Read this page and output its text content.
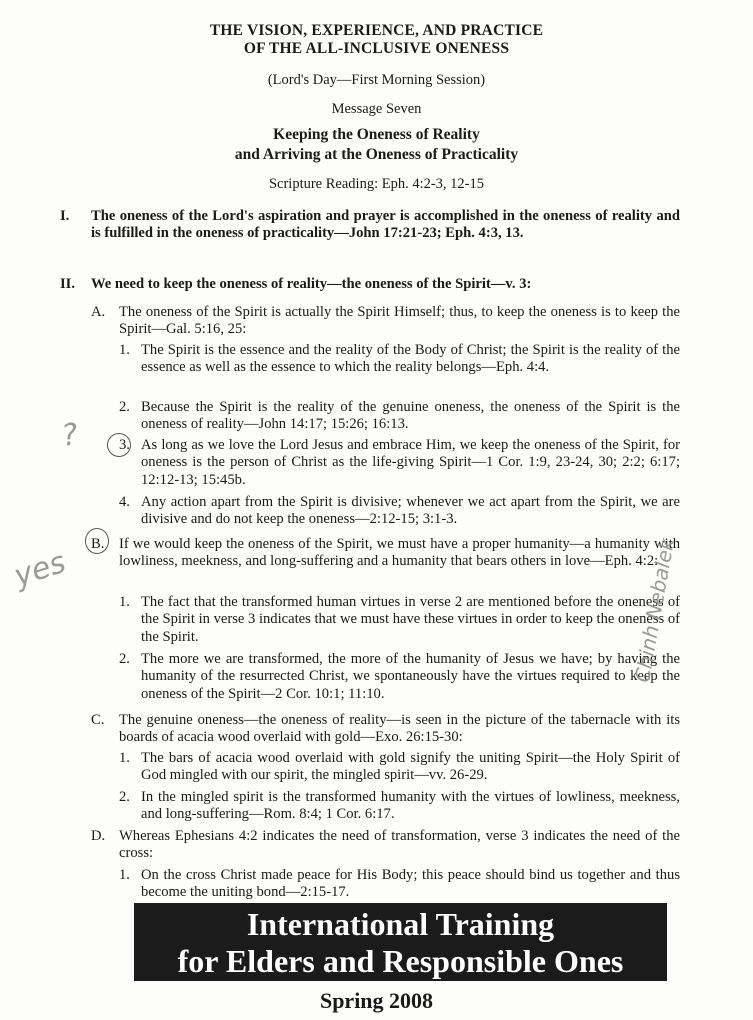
THE VISION, EXPERIENCE, AND PRACTICE
OF THE ALL-INCLUSIVE ONENESS
(Lord's Day—First Morning Session)
Message Seven
Keeping the Oneness of Reality
and Arriving at the Oneness of Practicality
Scripture Reading: Eph. 4:2-3, 12-15
I. The oneness of the Lord's aspiration and prayer is accomplished in the oneness of reality and is fulfilled in the oneness of practicality—John 17:21-23; Eph. 4:3, 13.
II. We need to keep the oneness of reality—the oneness of the Spirit—v. 3:
A. The oneness of the Spirit is actually the Spirit Himself; thus, to keep the oneness is to keep the Spirit—Gal. 5:16, 25:
1. The Spirit is the essence and the reality of the Body of Christ; the Spirit is the reality of the essence as well as the essence to which the reality belongs—Eph. 4:4.
2. Because the Spirit is the reality of the genuine oneness, the oneness of the Spirit is the oneness of reality—John 14:17; 15:26; 16:13.
3. As long as we love the Lord Jesus and embrace Him, we keep the oneness of the Spirit, for oneness is the person of Christ as the life-giving Spirit—1 Cor. 1:9, 23-24, 30; 2:2; 6:17; 12:12-13; 15:45b.
4. Any action apart from the Spirit is divisive; whenever we act apart from the Spirit, we are divisive and do not keep the oneness—2:12-15; 3:1-3.
B. If we would keep the oneness of the Spirit, we must have a proper humanity—a humanity with lowliness, meekness, and long-suffering and a humanity that bears others in love—Eph. 4:2:
1. The fact that the transformed human virtues in verse 2 are mentioned before the oneness of the Spirit in verse 3 indicates that we must have these virtues in order to keep the oneness of the Spirit.
2. The more we are transformed, the more of the humanity of Jesus we have; by having the humanity of the resurrected Christ, we spontaneously have the virtues required to keep the oneness of the Spirit—2 Cor. 10:1; 11:10.
C. The genuine oneness—the oneness of reality—is seen in the picture of the tabernacle with its boards of acacia wood overlaid with gold—Exo. 26:15-30:
1. The bars of acacia wood overlaid with gold signify the uniting Spirit—the Holy Spirit of God mingled with our spirit, the mingled spirit—vv. 26-29.
2. In the mingled spirit is the transformed humanity with the virtues of lowliness, meekness, and long-suffering—Rom. 8:4; 1 Cor. 6:17.
D. Whereas Ephesians 4:2 indicates the need of transformation, verse 3 indicates the need of the cross:
1. On the cross Christ made peace for His Body; this peace should bind us together and thus become the uniting bond—2:15-17.
?
yes	Chinh Nebalek
International Training
for Elders and Responsible Ones
Spring 2008
